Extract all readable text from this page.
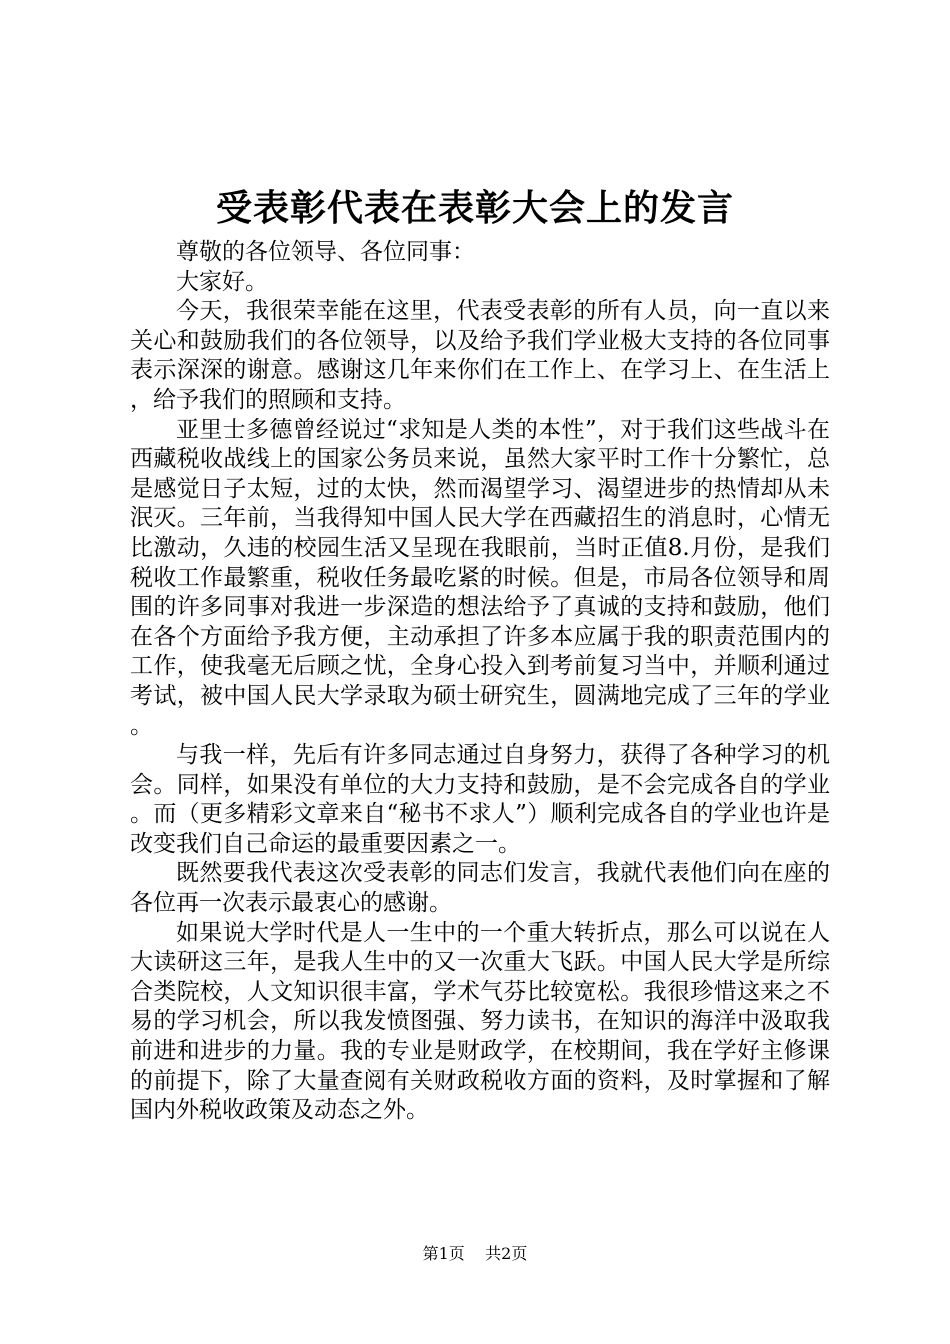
受表彰代表在表彰大会上的发言

尊敬的各位领导、各位同事：

大家好。

今天，我很荣幸能在这里，代表受表彰的所有人员，向一直以来关心和鼓励我们的各位领导，以及给予我们学业极大支持的各位同事表示深深的谢意。感谢这几年来你们在工作上、在学习上、在生活上，给予我们的照顾和支持。

亚里士多德曾经说过“求知是人类的本性”，对于我们这些战斗在西藏税收战线上的国家公务员来说，虽然大家平时工作十分繁忙，总是感觉日子太短，过的太快，然而渴望学习、渴望进步的热情却从未泯灭。三年前，当我得知中国人民大学在西藏招生的消息时，心情无比激动，久违的校园生活又呈现在我眼前，当时正值8.月份，是我们税收工作最繁重，税收任务最吃紧的时候。但是，市局各位领导和周围的许多同事对我进一步深造的想法给予了真诚的支持和鼓励，他们在各个方面给予我方便，主动承担了许多本应属于我的职责范围内的工作，使我毫无后顾之忧，全身心投入到考前复习当中，并顺利通过考试，被中国人民大学录取为硕士研究生，圆满地完成了三年的学业。

与我一样，先后有许多同志通过自身努力，获得了各种学习的机会。同样，如果没有单位的大力支持和鼓励，是不会完成各自的学业。而（更多精彩文章来自“秘书不求人”）顺利完成各自的学业也许是改变我们自己命运的最重要因素之一。

既然要我代表这次受表彰的同志们发言，我就代表他们向在座的各位再一次表示最衷心的感谢。

如果说大学时代是人一生中的一个重大转折点，那么可以说在人大读研这三年，是我人生中的又一次重大飞跃。中国人民大学是所综合类院校，人文知识很丰富，学术气芬比较宽松。我很珍惜这来之不易的学习机会，所以我发愤图强、努力读书，在知识的海洋中汲取我前进和进步的力量。我的专业是财政学，在校期间，我在学好主修课的前提下，除了大量查阅有关财政税收方面的资料，及时掌握和了解国内外税收政策及动态之外。

第1页 共2页
